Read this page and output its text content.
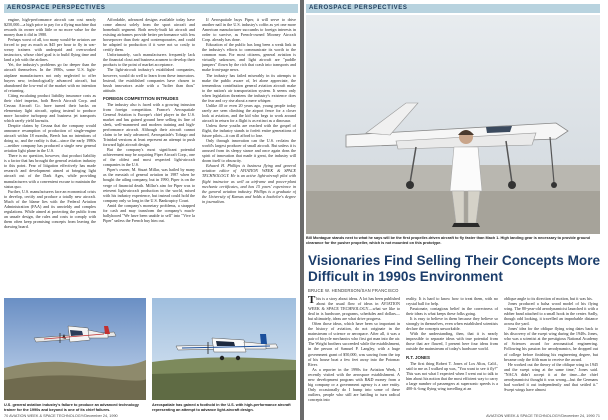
AEROSPACE PERSPECTIVES

engine, high-performance aircraft can cost nearly $250,000—a high price to pay for a flying machine that rewards its owner with little or no more value for the money than it did in 1980.

Perhaps worst of all, too many would-be aviators are forced to pay as much as $45 per hour to fly in war-weary trainers with underpaid and overworked instructors, whose chief goal is to build flying time and land a job with the airlines.

Yet, the industry's problems go far deeper than the aircraft themselves. In the 1980s, some U.S. light-airplane manufacturers not only neglected to offer buyers new, technologically advanced aircraft, but abandoned the low-end of the market with no intention of returning.

Citing escalating product liability insurance costs as their chief impetus, both Beech Aircraft Corp. and Cessna Aircraft Co. have turned their backs on elementary light aircraft, opting instead to produce more lucrative turboprop and business jet transports which rarely yield lawsuits.

Despite claims by Cessna that the company would announce resumption of production of single-engine aircraft within 18 months, Beech has no intentions of doing so, and the reality is that—since the early 1980s—neither company has produced a single new general aviation light plane in the U.S.

There is no question, however, that product liability is a factor that has brought the general aviation industry to this point. Fear of litigation effectively has made research and development aimed at bringing light aircraft out of the Dark Ages, while providing manufacturers with a convenient excuse to maintain the status quo.

Further, U.S. manufacturers face an economical crisis to develop, certify and produce a totally new aircraft. Much of the blame lies with the Federal Aviation Administration (FAA) and its unwieldy and complex regulations. While aimed at protecting the public from an unsafe design, the rules and costs to comply with them often keep promising concepts from leaving the drawing board.

Affordable, advanced designs available today have come almost solely from the sport aircraft and homebuilt segment. Both newly-built kit aircraft and existing airframes provide better performance with less horsepower than their aged contemporaries, and could be adapted to production if it were not so costly to certify them.

Unfortunately, such manufacturers frequently lack the financial clout and business acumen to develop their products to the point of market acceptance.

The light-aircraft industry's established companies, however, would do well to learn from these innovators. Instead, the established companies have chosen to brush innovators aside with a "holier than thou" attitude.

FOREIGN COMPETITION INTRUDES

The industry also is faced with a growing intrusion from foreign competition. France's Aerospatiale General Aviation is Europe's chief player in the U.S. market and has gained ground here selling its line of sleek, well-mannered and modern training and high-performance aircraft. Although their aircraft cannot claim to be truly advanced, Aerospatiale's Tobago and Trinidad versions at least represent an attempt to push forward light aircraft design.

But the company's most significant potential achievement may be acquiring Piper Aircraft Corp., one of the oldest and most respected light-aircraft companies in the U.S.

Piper's owner, M. Stuart Millar, was hailed by many as the messiah of general aviation in 1987 when he bought the ailing company, but in 1990, Piper is on the verge of financial death. Millar's aim for Piper was to reinvent light-aircraft production in the world, mixed with his industry experience, but instead could hold the company only so long in the U.S. Bankruptcy Court.

Amid the company's monetary problems, a strapped for cash and may transform the company's much-ballyhooed "We have been unable to sell" into "Vive la Piper" unless the French buy him out.

If Aerospatiale buys Piper, it will serve to drive another nail in the U.S. industry's coffin as yet one more American manufacturer succumbs to foreign interests in order to survive, as French-owned Mooney Aircraft Corp. already has done.

Education of the public has long been a weak link in the industry's efforts to communicate its worth to the common man. For most citizens, general aviation is virtually unknown, and light aircraft are "puddle jumpers" flown by the rich that crash into transports and make front-page news.

The industry has failed miserably in its attempts to make the public aware of, let alone appreciate, the tremendous contribution general aviation aircraft make to the nation's air transportation system. It seems only when legislation threatens the industry's existence does the fear and cry rise about a mere whisper.

Unlike 40 or even 20 years ago, young people today rarely are seen climbing the airport fence for a closer look at aviation, and the kid who begs to work around aircraft in return for a flight is as extinct as a dinosaur.

Unless these youths are reached with the gospel of flight, the industry stands to forfeit entire generations of future pilots—it can ill afford to lose.

Only through innovation can the U.S. reclaim the world's largest producer of small aircraft. But unless it is aroused from its sleepy stance and once again dons the spirit of innovation that made it great, the industry will doom itself to obscurity.

Edward H. Phillips is business flying and general aviation editor of AVIATION WEEK & SPACE TECHNOLOGY. He is an active light-aircraft pilot with flight instructor as well as airframe and power-plant mechanic certificates, and has 15 years' experience in the general aviation industry. Phillips is a graduate of the University of Kansas and holds a bachelor's degree in journalism.

U.S. general aviation industry's failure to produce an advanced technology trainer for the 1990s and beyond is one of its chief failures.
Aerospatiale has gained a foothold in the U.S. with high-performance aircraft representing an attempt to advance light-aircraft design.
70 AVIATION WEEK & SPACE TECHNOLOGY/December 24, 1990
AEROSPACE PERSPECTIVES
Bill Montague stands next to what he says will be the first propeller-driven aircraft to fly faster than Mach 1. High landing gear is necessary to provide ground clearance for the pusher propeller, which is not mounted on this prototype.
Visionaries Find Selling Their Concepts More Difficult in 1990s Environment
BRUCE W. HENDERSON/SAN FRANCISCO

This is a story about ideas. A lot has been published about the usual flow of ideas in AVIATION WEEK & SPACE TECHNOLOGY—what we like to deal in is hardware, programs, schedules and dollars—but ultimately, ideas are what drive progress.

Often those ideas, which have been so important in the history of aviation, do not originate in the mainstream of science or aerospace. After all, it was a pair of bicycle mechanics who first got man into the air. The Wright brothers succeeded while the establishment, in the person of Samuel P. Langley, with a huge government grant of $50,000, was sawing from the top of his house boat a few feet away into the Potomac River.

As a reporter in the 1990s for Aviation Week, I recently visited with the aerospace establishment. A new development program with R&D money from a big company or a government agency is a rare entity. Only occasionally do I bump into some of these outliers, people who still are battling to turn radical concepts into

reality. It is hard to know how to treat them, with no crystal ball for help.

Passionate, contagious belief in the correctness of their ideas is what keeps these folks going.

It is easy to believe in them because they believe so strongly in themselves, even when established scientists declare the concepts unworkable.

With the understanding, then, that it is nearly impossible to separate ideas with true potential from those that are flawed, I present here four ideas from outside the mainstream of today's hardware world.

R.T. JONES

The first thing Robert T. Jones of Los Altos, Calif., said to me as I walked up was, "You want to see it fly?" This was not what I expected when I went out to talk to him about his notion that the most efficient way to carry a large number of passengers at supersonic speeds is a 400-ft.-long flying wing travelling at an

oblique angle to its direction of motion, but it was his.

Jones produced a balsa wood model of his flying wing. The 80-year-old aerodynamicist launched it with a rubber band attached to a small hook in the center. Sadly, though odd looking, it travelled an improbable distance across the yard.

Jones' idea for the oblique flying wing dates back to his discovery of the swept wing during the 1940s. Jones, who was a scientist at the prestigious National Academy of Sciences award for aeronautical engineering. Following his passion for aerodynamics, he dropped out of college before finishing his engineering degree, but became only the fifth man to receive the award.

He worked out the theory of the oblique wing in 1945 and the swept wing at the same time," Jones said. "NACA didn't accept it at the time—the chief aerodynamicist thought it was wrong—but the Germans had worked it out independently and that settled it." Swept wings have almost

AVIATION WEEK & SPACE TECHNOLOGY/December 24, 1990 71
